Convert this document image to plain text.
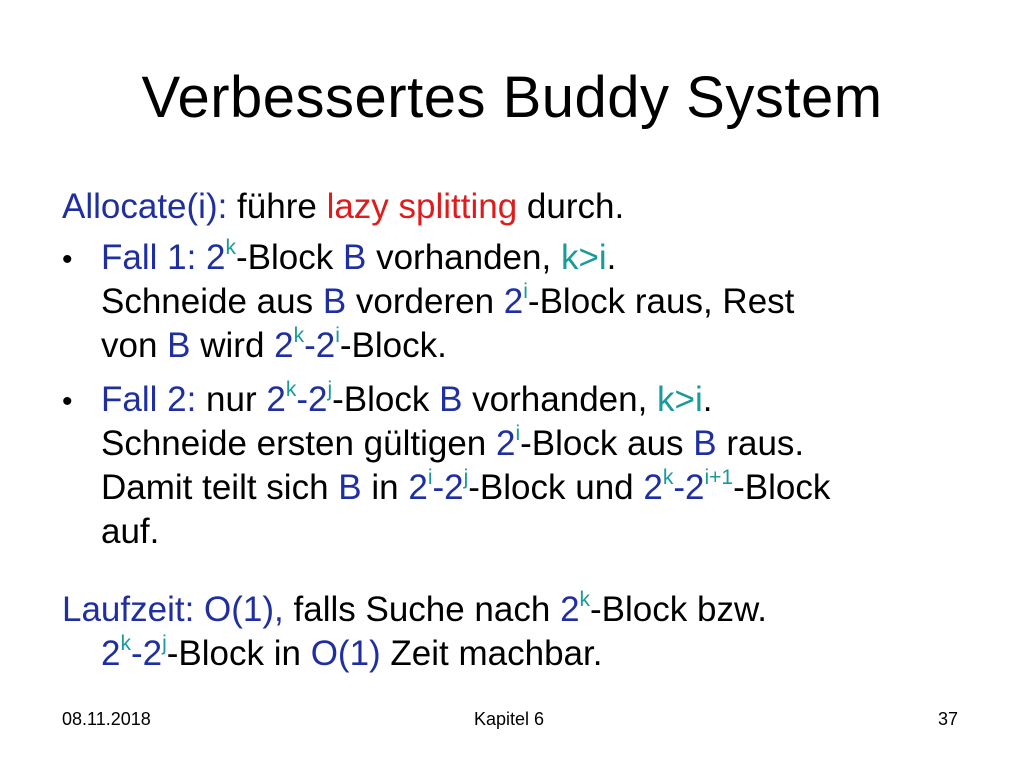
Verbessertes Buddy System
Allocate(i): führe lazy splitting durch.
• Fall 1: 2$^k$-Block B vorhanden, k>i.
Schneide aus B vorderen 2$^i$-Block raus, Rest
von B wird 2$^k$-2$^i$-Block.
• Fall 2: nur 2$^k$-2$^j$-Block B vorhanden, k>i.
Schneide ersten gültigen 2$^i$-Block aus B raus.
Damit teilt sich B in 2$^i$-2$^j$-Block und $2^k-2^{i+1}$-Block
auf.
Laufzeit: O(1), falls Suche nach 2$^k$-Block bzw.
2$^k$-2$^j$-Block in O(1) Zeit machbar.
08.11.2018	Kapitel 6	37
